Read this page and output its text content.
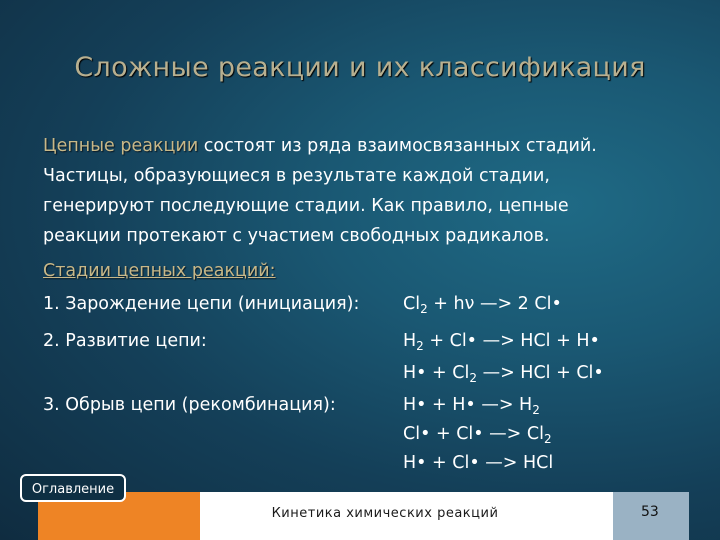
Сложные реакции и их классификация
Цепные реакции состоят из ряда взаимосвязанных стадий.
Частицы, образующиеся в результате каждой стадии,
генерируют последующие стадии. Как правило, цепные
реакции протекают с участием свободных радикалов.
Стадии цепных реакций:
1. Зарождение цепи (инициация): $Cl_2 + h\nu$ —> 2 Cl•
2. Развитие цепи:	$H_2$ + Cl• —> HCl + H•
H• + $Cl_2$ —> HCl + Cl•
3. Обрыв цепи (рекомбинация):	H• + H• —> $H_2$
Cl• + Cl• —> $Cl_2$
H• + Cl• —> HCl
Кинетика химических реакций	53
Оглавление
